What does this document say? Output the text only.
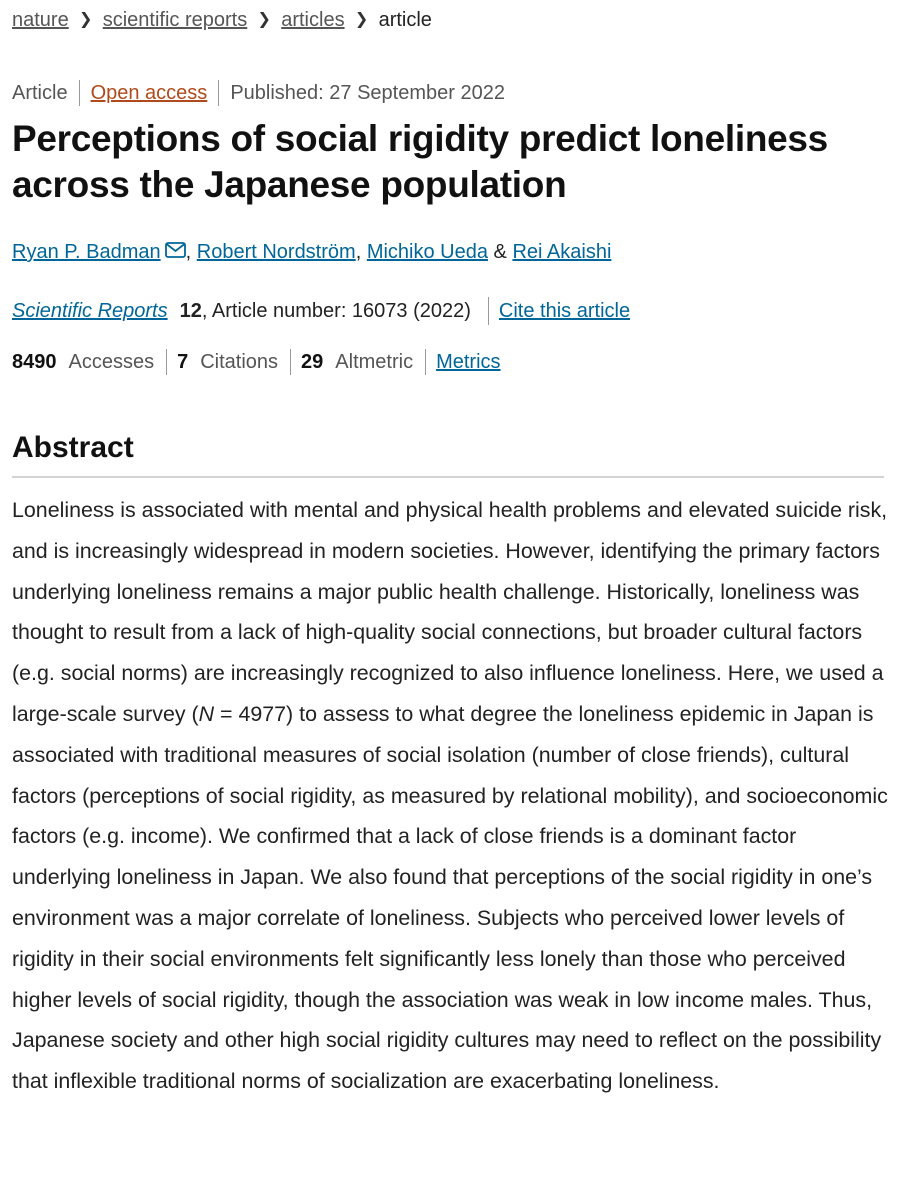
nature ❯ scientific reports ❯ articles ❯ article
Article Open access Published: 27 September 2022
Perceptions of social rigidity predict loneliness across the Japanese population
Ryan P. Badman ,
Robert Nordström ,
Michiko Ueda
&
Rei Akaishi
Scientific Reports 12 , Article number: 16073 (2022) Cite this article
8490 Accesses 7 Citations 29 Altmetric Metrics
Abstract

Loneliness is associated with mental and physical health problems and elevated suicide risk, and is increasingly widespread in modern societies. However, identifying the primary factors underlying loneliness remains a major public health challenge. Historically, loneliness was thought to result from a lack of high-quality social connections, but broader cultural factors (e.g. social norms) are increasingly recognized to also influence loneliness. Here, we used a large-scale survey (N = 4977) to assess to what degree the loneliness epidemic in Japan is associated with traditional measures of social isolation (number of close friends), cultural factors (perceptions of social rigidity, as measured by relational mobility), and socioeconomic factors (e.g. income). We confirmed that a lack of close friends is a dominant factor underlying loneliness in Japan. We also found that perceptions of the social rigidity in one’s environment was a major correlate of loneliness. Subjects who perceived lower levels of rigidity in their social environments felt significantly less lonely than those who perceived higher levels of social rigidity, though the association was weak in low income males. Thus, Japanese society and other high social rigidity cultures may need to reflect on the possibility that inflexible traditional norms of socialization are exacerbating loneliness.
